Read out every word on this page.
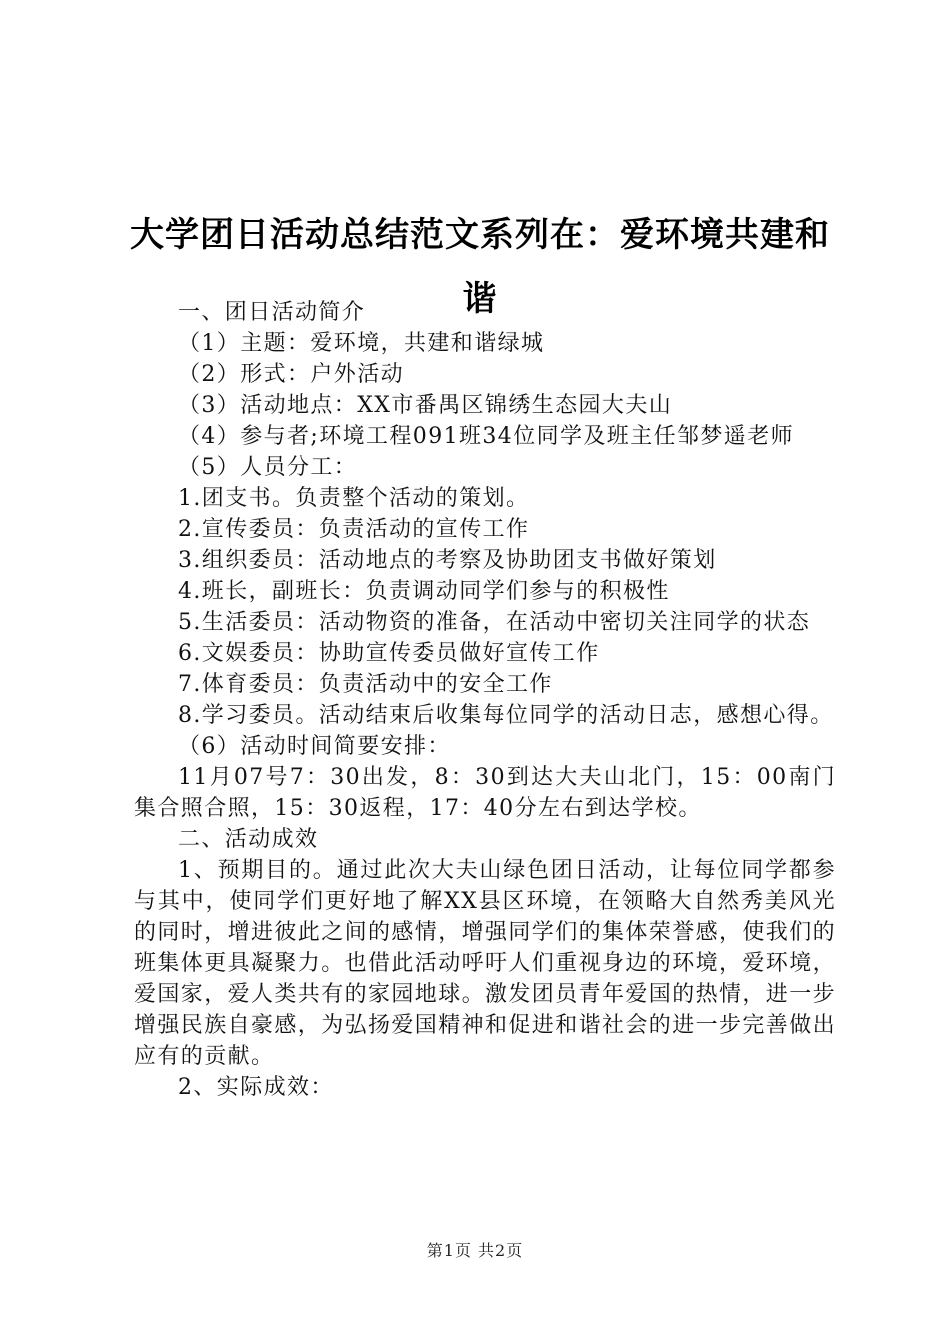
大学团日活动总结范文系列在：爱环境共建和谐

一、团日活动简介

（1）主题：爱环境，共建和谐绿城

（2）形式：户外活动

（3）活动地点：XX市番禺区锦绣生态园大夫山

（4）参与者;环境工程091班34位同学及班主任邹梦遥老师

（5）人员分工：

1.团支书。负责整个活动的策划。

2.宣传委员：负责活动的宣传工作

3.组织委员：活动地点的考察及协助团支书做好策划

4.班长，副班长：负责调动同学们参与的积极性

5.生活委员：活动物资的准备，在活动中密切关注同学的状态

6.文娱委员：协助宣传委员做好宣传工作

7.体育委员：负责活动中的安全工作

8.学习委员。活动结束后收集每位同学的活动日志，感想心得。

（6）活动时间简要安排：

11月07号7：30出发，8：30到达大夫山北门，15：00南门集合照合照，15：30返程，17：40分左右到达学校。

二、活动成效

1、预期目的。通过此次大夫山绿色团日活动，让每位同学都参与其中，使同学们更好地了解XX县区环境，在领略大自然秀美风光的同时，增进彼此之间的感情，增强同学们的集体荣誉感，使我们的班集体更具凝聚力。也借此活动呼吁人们重视身边的环境，爱环境，爱国家，爱人类共有的家园地球。激发团员青年爱国的热情，进一步增强民族自豪感，为弘扬爱国精神和促进和谐社会的进一步完善做出应有的贡献。

2、实际成效：

第1页 共2页
